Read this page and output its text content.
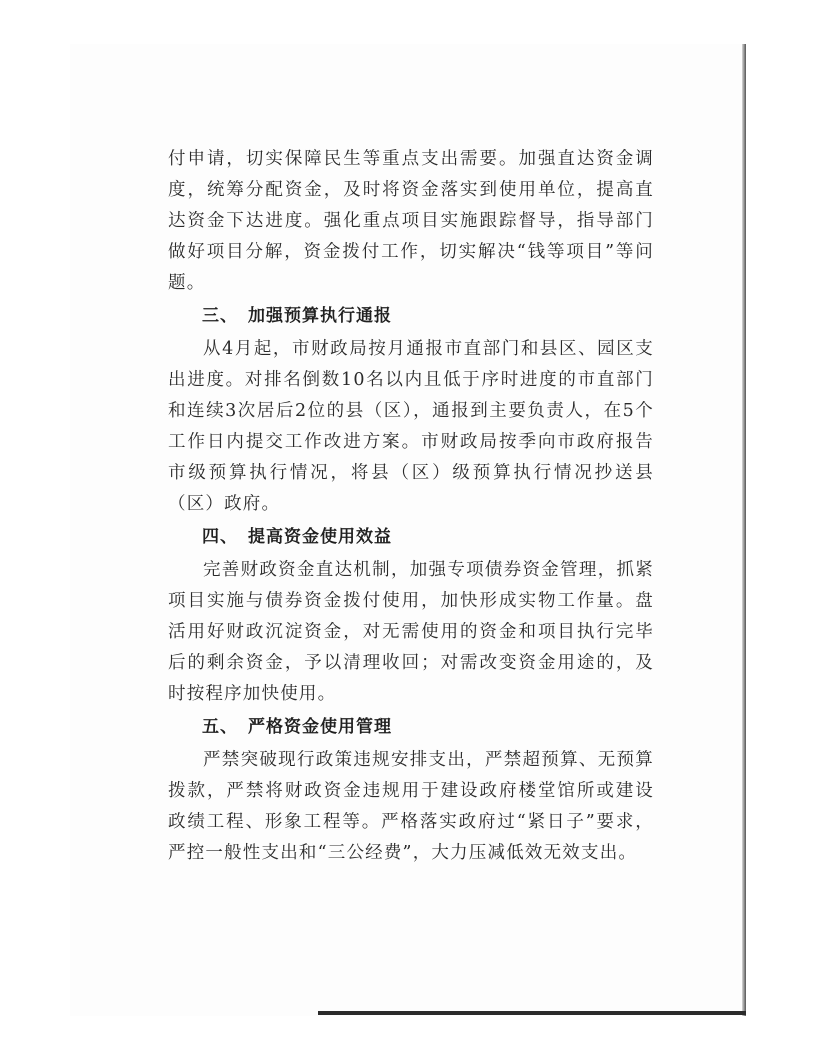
付申请，切实保障民生等重点支出需要。加强直达资金调度，统筹分配资金，及时将资金落实到使用单位，提高直达资金下达进度。强化重点项目实施跟踪督导，指导部门做好项目分解，资金拨付工作，切实解决“钱等项目”等问题。

三、 加强预算执行通报

从4月起，市财政局按月通报市直部门和县区、园区支出进度。对排名倒数10名以内且低于序时进度的市直部门和连续3次居后2位的县（区），通报到主要负责人，在5个工作日内提交工作改进方案。市财政局按季向市政府报告市级预算执行情况，将县（区）级预算执行情况抄送县（区）政府。

四、 提高资金使用效益

完善财政资金直达机制，加强专项债券资金管理，抓紧项目实施与债券资金拨付使用，加快形成实物工作量。盘活用好财政沉淀资金，对无需使用的资金和项目执行完毕后的剩余资金，予以清理收回；对需改变资金用途的，及时按程序加快使用。

五、 严格资金使用管理

严禁突破现行政策违规安排支出，严禁超预算、无预算拨款，严禁将财政资金违规用于建设政府楼堂馆所或建设政绩工程、形象工程等。严格落实政府过“紧日子”要求，严控一般性支出和“三公经费”，大力压减低效无效支出。
